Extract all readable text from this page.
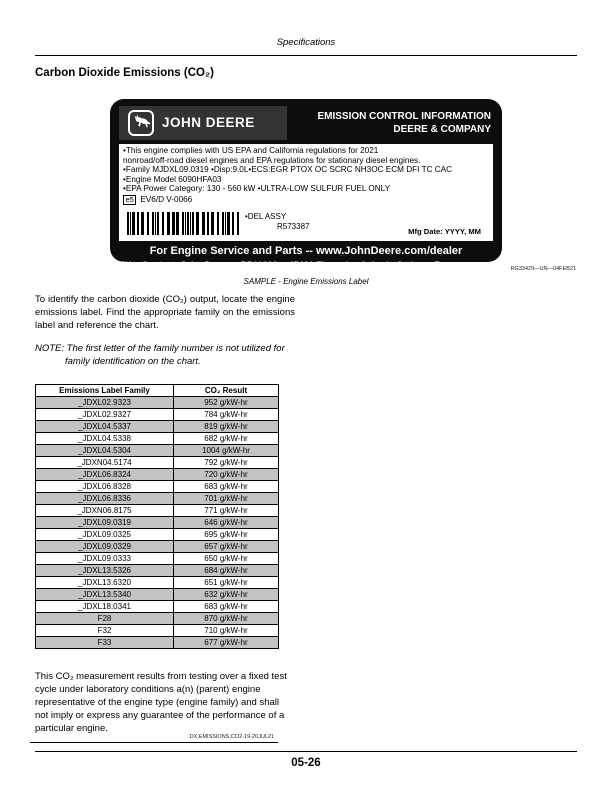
Specifications
Carbon Dioxide Emissions (CO₂)
JOHN DEERE	EMISSION CONTROL INFORMATION
DEERE & COMPANY
•This engine complies with US EPA and California regulations for 2021
nonroad/off-road diesel engines and EPA regulations for stationary diesel engines.
•Family MJDXL09.0319 •Disp:9.0L•ECS:EGR PTOX OC SCRC NH3OC ECM DFI TC CAC
•Engine Model 6090HFA03
•EPA Power Category: 130 - 560 kW •ULTRA-LOW SULFUR FUEL ONLY
e5 EV6/D V-0066
•DEL ASSY
R573387
Mfg Date: YYYY, MM
For Engine Service and Parts -- www.JohnDeere.com/dealer
EU Contact: John Deere -- BP11013 -- 45401 Fleury les Aubrais Cedex -- France	RG33429—UN—04FEB21
SAMPLE - Engine Emissions Label
To identify the carbon dioxide (CO₂) output, locate the engine emissions label. Find the appropriate family on the emissions label and reference the chart.
NOTE: The first letter of the family number is not utilized for family identification on the chart.
Emissions Label Family	CO₂ Result
_JDXL02.9323	952 g/kW-hr
_JDXL02.9327	784 g/kW-hr
_JDXL04.5337	819 g/kW-hr
_JDXL04.5338	682 g/kW-hr
_JDXL04.5304	1004 g/kW-hr
_JDXN04.5174	792 g/kW-hr
_JDXL06.8324	720 g/kW-hr
_JDXL06.8328	683 g/kW-hr
_JDXL06.8336	701 g/kW-hr
_JDXN06.8175	771 g/kW-hr
_JDXL09.0319	646 g/kW-hr
_JDXL09.0325	695 g/kW-hr
_JDXL09.0329	657 g/kW-hr
_JDXL09.0333	650 g/kW-hr
_JDXL13.5326	684 g/kW-hr
_JDXL13.6320	651 g/kW-hr
_JDXL13.5340	632 g/kW-hr
_JDXL18.0341	683 g/kW-hr
F28	870 g/kW-hr
F32	710 g/kW-hr
F33	677 g/kW-hr
This CO₂ measurement results from testing over a fixed test cycle under laboratory conditions a(n) (parent) engine representative of the engine type (engine family) and shall not imply or express any guarantee of the performance of a particular engine.
DX,EMISSIONS,CO2-19-20JUL21
05-26
